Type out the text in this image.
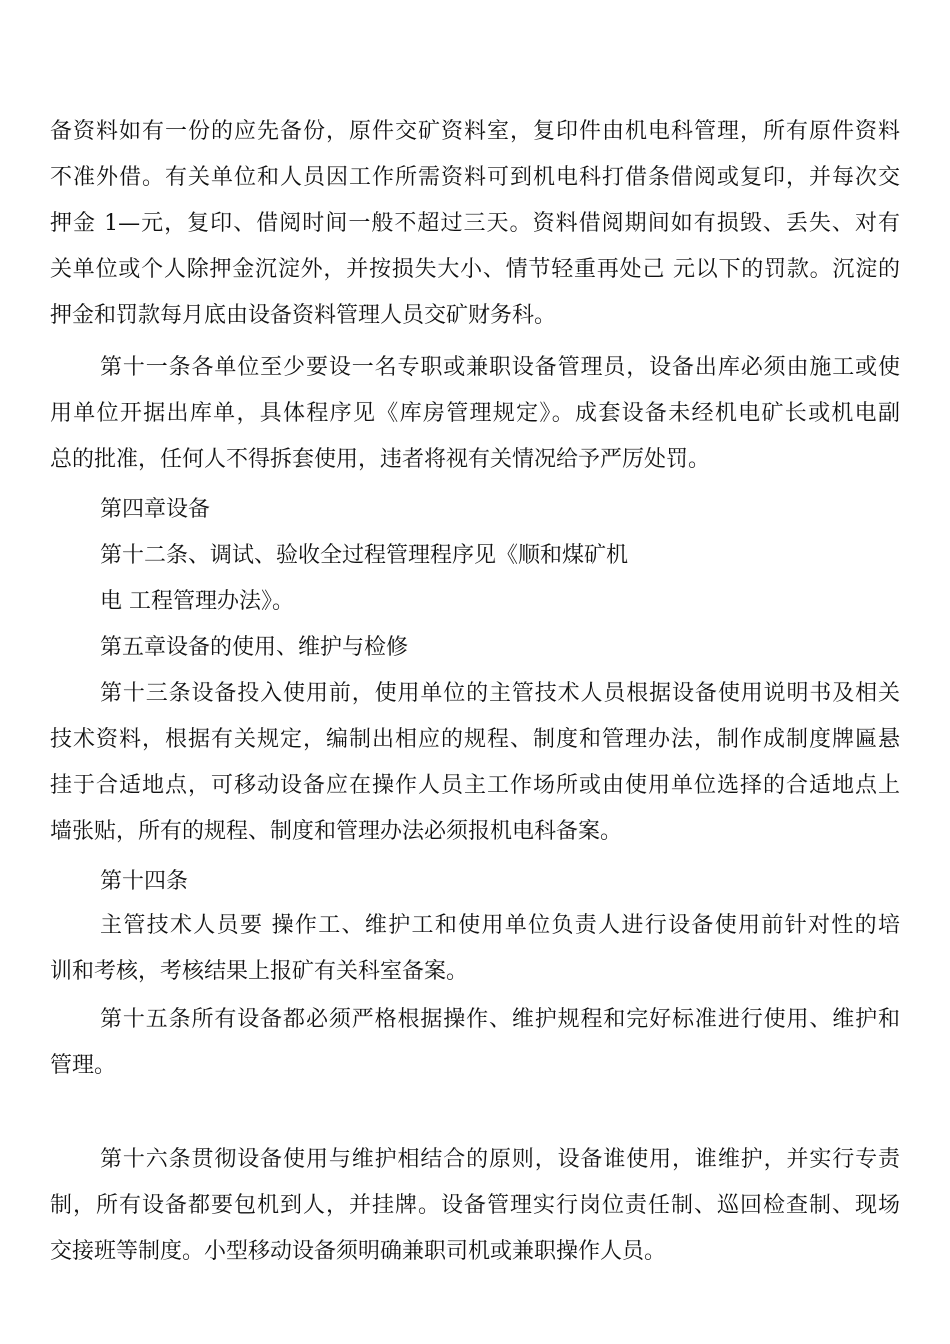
备资料如有一份的应先备份，原件交矿资料室，复印件由机电科管理，所有原件资料
不准外借。有关单位和人员因工作所需资料可到机电科打借条借阅或复印，并每次交
押金 1—元，复印、借阅时间一般不超过三天。资料借阅期间如有损毁、丢失、对有
关单位或个人除押金沉淀外，并按损失大小、情节轻重再处己 元以下的罚款。沉淀的
押金和罚款每月底由设备资料管理人员交矿财务科。
第十一条各单位至少要设一名专职或兼职设备管理员，设备出库必须由施工或使
用单位开据出库单，具体程序见《库房管理规定》。成套设备未经机电矿长或机电副
总的批准，任何人不得拆套使用，违者将视有关情况给予严厉处罚。
第四章设备
第十二条、调试、验收全过程管理程序见《顺和煤矿机
电 工程管理办法》。
第五章设备的使用、维护与检修
第十三条设备投入使用前，使用单位的主管技术人员根据设备使用说明书及相关
技术资料，根据有关规定，编制出相应的规程、制度和管理办法，制作成制度牌匾悬
挂于合适地点，可移动设备应在操作人员主工作场所或由使用单位选择的合适地点上
墙张贴，所有的规程、制度和管理办法必须报机电科备案。
第十四条
主管技术人员要 操作工、维护工和使用单位负责人进行设备使用前针对性的培
训和考核，考核结果上报矿有关科室备案。
第十五条所有设备都必须严格根据操作、维护规程和完好标准进行使用、维护和
管理。
第十六条贯彻设备使用与维护相结合的原则，设备谁使用，谁维护，并实行专责
制，所有设备都要包机到人，并挂牌。设备管理实行岗位责任制、巡回检查制、现场
交接班等制度。小型移动设备须明确兼职司机或兼职操作人员。
